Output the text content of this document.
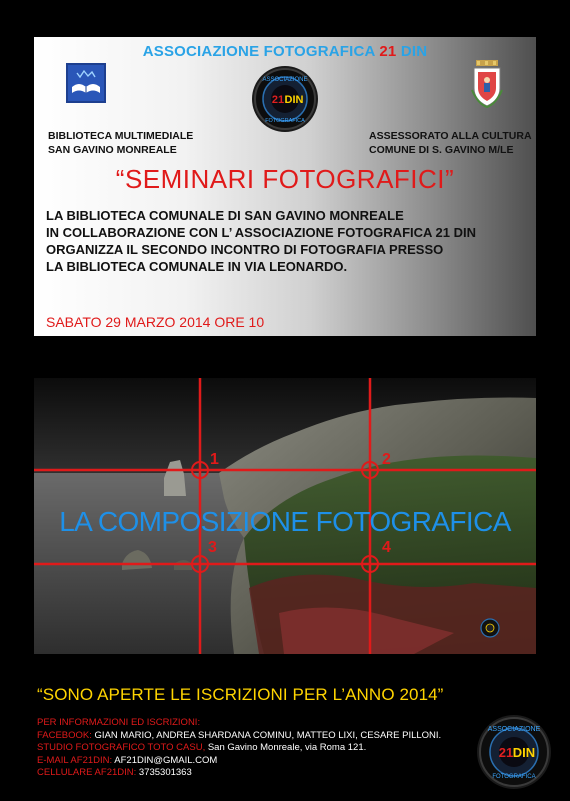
ASSOCIAZIONE FOTOGRAFICA 21 DIN
ASSOCIAZIONE
21 DIN
FOTOGRAFICA
BIBLIOTECA MULTIMEDIALE
SAN GAVINO MONREALE
ASSESSORATO ALLA CULTURA
COMUNE DI S. GAVINO M/LE
“SEMINARI FOTOGRAFICI”
LA BIBLIOTECA COMUNALE DI SAN GAVINO MONREALE
IN COLLABORAZIONE CON L’ ASSOCIAZIONE FOTOGRAFICA 21 DIN
ORGANIZZA IL SECONDO INCONTRO DI FOTOGRAFIA PRESSO
LA BIBLIOTECA COMUNALE IN VIA LEONARDO.
SABATO 29 MARZO 2014 ORE 10
1	2
3	4
LA COMPOSIZIONE FOTOGRAFICA
“SONO APERTE LE ISCRIZIONI PER L’ANNO 2014”
PER INFORMAZIONI ED ISCRIZIONI:
FACEBOOK: GIAN MARIO, ANDREA SHARDANA COMINU, MATTEO LIXI, CESARE PILLONI.
STUDIO FOTOGRAFICO TOTO CASU, San Gavino Monreale, via Roma 121.
E-MAIL AF21DIN: AF21DIN@GMAIL.COM
CELLULARE AF21DIN: 3735301363
ASSOCIAZIONE
21 DIN
FOTOGRAFICA
